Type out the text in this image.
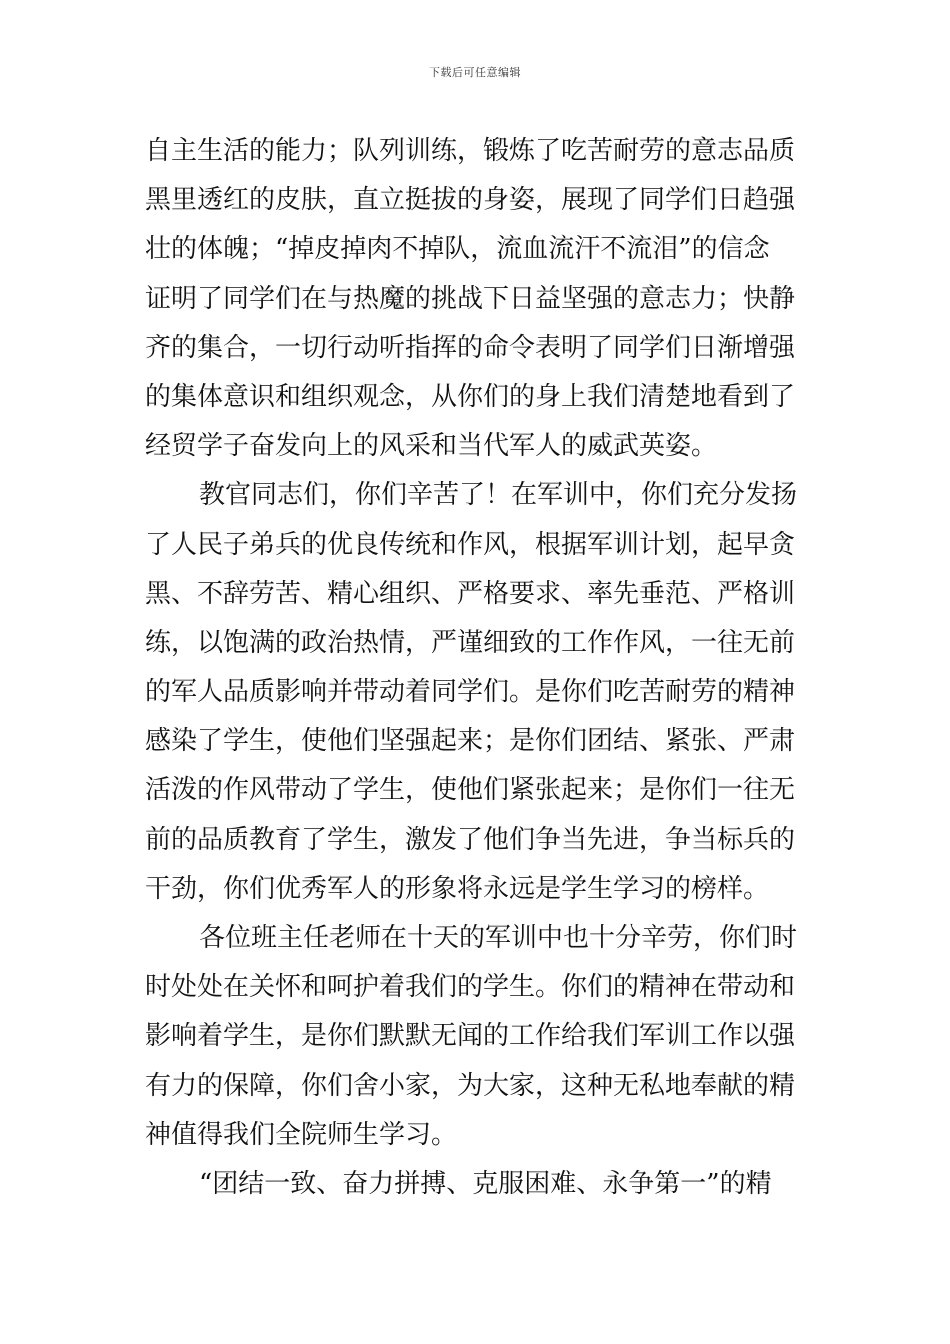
下载后可任意编辑
自主生活的能力；队列训练，锻炼了吃苦耐劳的意志品质
黑里透红的皮肤，直立挺拔的身姿，展现了同学们日趋强
壮的体魄；“掉皮掉肉不掉队，流血流汗不流泪”的信念
证明了同学们在与热魔的挑战下日益坚强的意志力；快静
齐的集合，一切行动听指挥的命令表明了同学们日渐增强
的集体意识和组织观念，从你们的身上我们清楚地看到了
经贸学子奋发向上的风采和当代军人的威武英姿。
教官同志们，你们辛苦了！在军训中，你们充分发扬
了人民子弟兵的优良传统和作风，根据军训计划，起早贪
黑、不辞劳苦、精心组织、严格要求、率先垂范、严格训
练，以饱满的政治热情，严谨细致的工作作风，一往无前
的军人品质影响并带动着同学们。是你们吃苦耐劳的精神
感染了学生，使他们坚强起来；是你们团结、紧张、严肃
活泼的作风带动了学生，使他们紧张起来；是你们一往无
前的品质教育了学生，激发了他们争当先进，争当标兵的
干劲，你们优秀军人的形象将永远是学生学习的榜样。
各位班主任老师在十天的军训中也十分辛劳，你们时
时处处在关怀和呵护着我们的学生。你们的精神在带动和
影响着学生，是你们默默无闻的工作给我们军训工作以强
有力的保障，你们舍小家，为大家，这种无私地奉献的精
神值得我们全院师生学习。
“团结一致、奋力拼搏、克服困难、永争第一”的精
